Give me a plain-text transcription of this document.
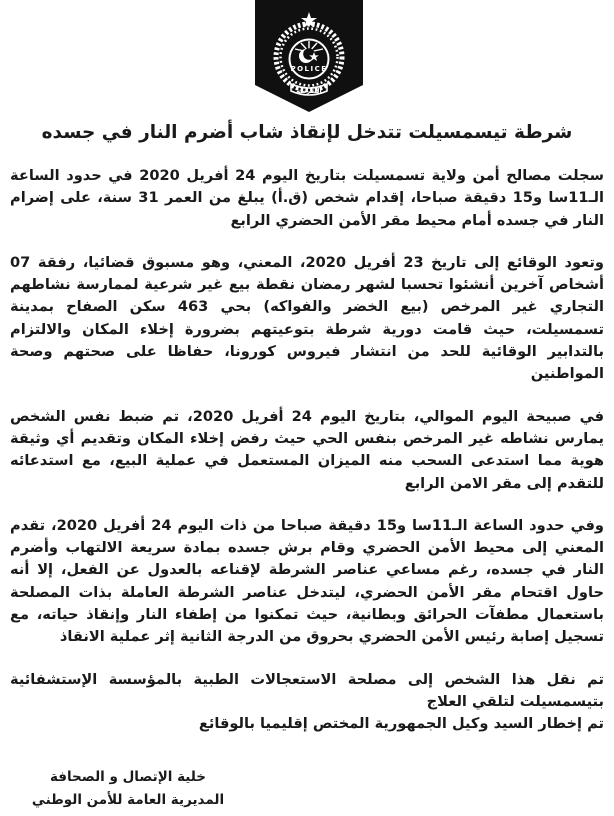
POLICE
الشرطة
شرطة تيسمسيلت تتدخل لإنقاذ شاب أضرم النار في جسده

سجلت مصالح أمن ولاية تسمسيلت بتاريخ اليوم 24 أفريل 2020 في حدود الساعة الـ11سا و15 دقيقة صباحا، إقدام شخص (ق.أ) يبلغ من العمر 31 سنة، على إضرام النار في جسده أمام محيط مقر الأمن الحضري الرابع

وتعود الوقائع إلى تاريخ 23 أفريل 2020، المعني، وهو مسبوق قضائيا، رفقة 07 أشخاص آخرين أنشئوا تحسبا لشهر رمضان نقطة بيع غير شرعية لممارسة نشاطهم التجاري غير المرخص (بيع الخضر والفواكه) بحي 463 سكن الصفاح بمدينة تسمسيلت، حيث قامت دورية شرطة بتوعيتهم بضرورة إخلاء المكان والالتزام بالتدابير الوقائية للحد من انتشار فيروس كورونا، حفاظا على صحتهم وصحة المواطنين

في صبيحة اليوم الموالي، بتاريخ اليوم 24 أفريل 2020، تم ضبط نفس الشخص يمارس نشاطه غير المرخص بنفس الحي حيث رفض إخلاء المكان وتقديم أي وثيقة هوية مما استدعى السحب منه الميزان المستعمل في عملية البيع، مع استدعائه للتقدم إلى مقر الامن الرابع

وفي حدود الساعة الـ11سا و15 دقيقة صباحا من ذات اليوم 24 أفريل 2020، تقدم المعني إلى محيط الأمن الحضري وقام برش جسده بمادة سريعة الالتهاب وأضرم النار في جسده، رغم مساعي عناصر الشرطة لإقناعه بالعدول عن الفعل، إلا أنه حاول اقتحام مقر الأمن الحضري، ليتدخل عناصر الشرطة العاملة بذات المصلحة باستعمال مطفآت الحرائق وبطانية، حيث تمكنوا من إطفاء النار وإنقاذ حياته، مع تسجيل إصابة رئيس الأمن الحضري بحروق من الدرجة الثانية إثر عملية الانقاذ

تم نقل هذا الشخص إلى مصلحة الاستعجالات الطبية بالمؤسسة الإستشفائية بتيسمسيلت لتلقي العلاج

تم إخطار السيد وكيل الجمهورية المختص إقليميا بالوقائع

خلية الإتصال و الصحافة
المديرية العامة للأمن الوطني
